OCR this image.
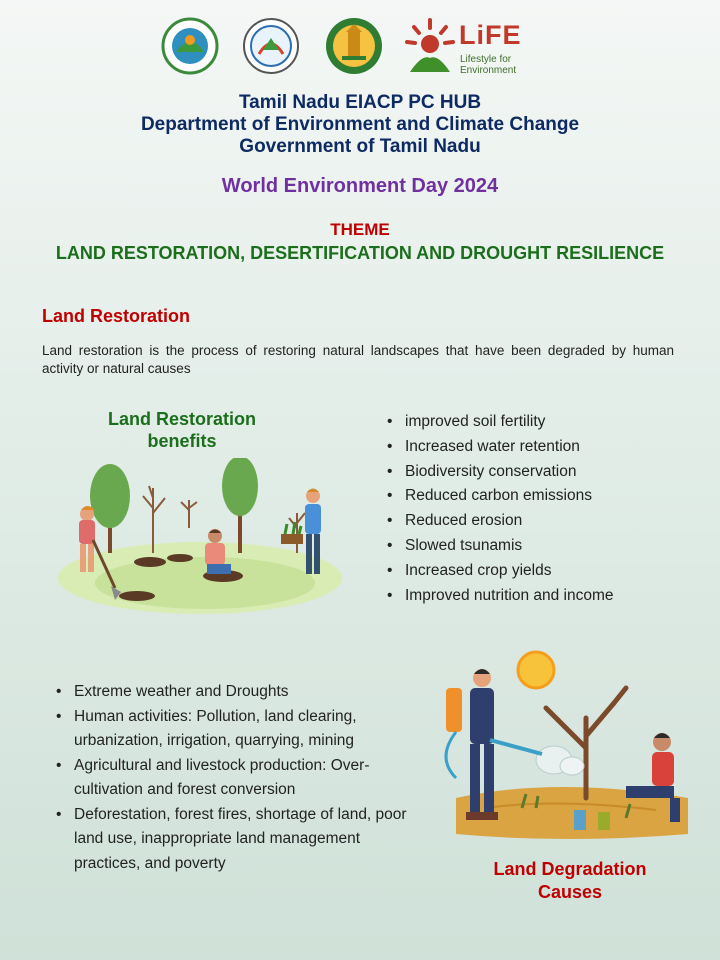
LiFE
Lifestyle for Environment
Tamil Nadu EIACP PC HUB
Department of Environment and Climate Change
Government of Tamil Nadu
World Environment Day 2024
THEME
LAND RESTORATION, DESERTIFICATION AND DROUGHT RESILIENCE
Land Restoration
Land restoration is the process of restoring natural landscapes that have been degraded by human activity or natural causes
Land Restoration benefits
• improved soil fertility
• Increased water retention
• Biodiversity conservation
• Reduced carbon emissions
• Reduced erosion
• Slowed tsunamis
• Increased crop yields
• Improved nutrition and income
• Extreme weather and Droughts
• Human activities: Pollution, land clearing, urbanization, irrigation, quarrying, mining
• Agricultural and livestock production: Over-cultivation and forest conversion
• Deforestation, forest fires, shortage of land, poor land use, inappropriate land management practices, and poverty	Land Degradation Causes
